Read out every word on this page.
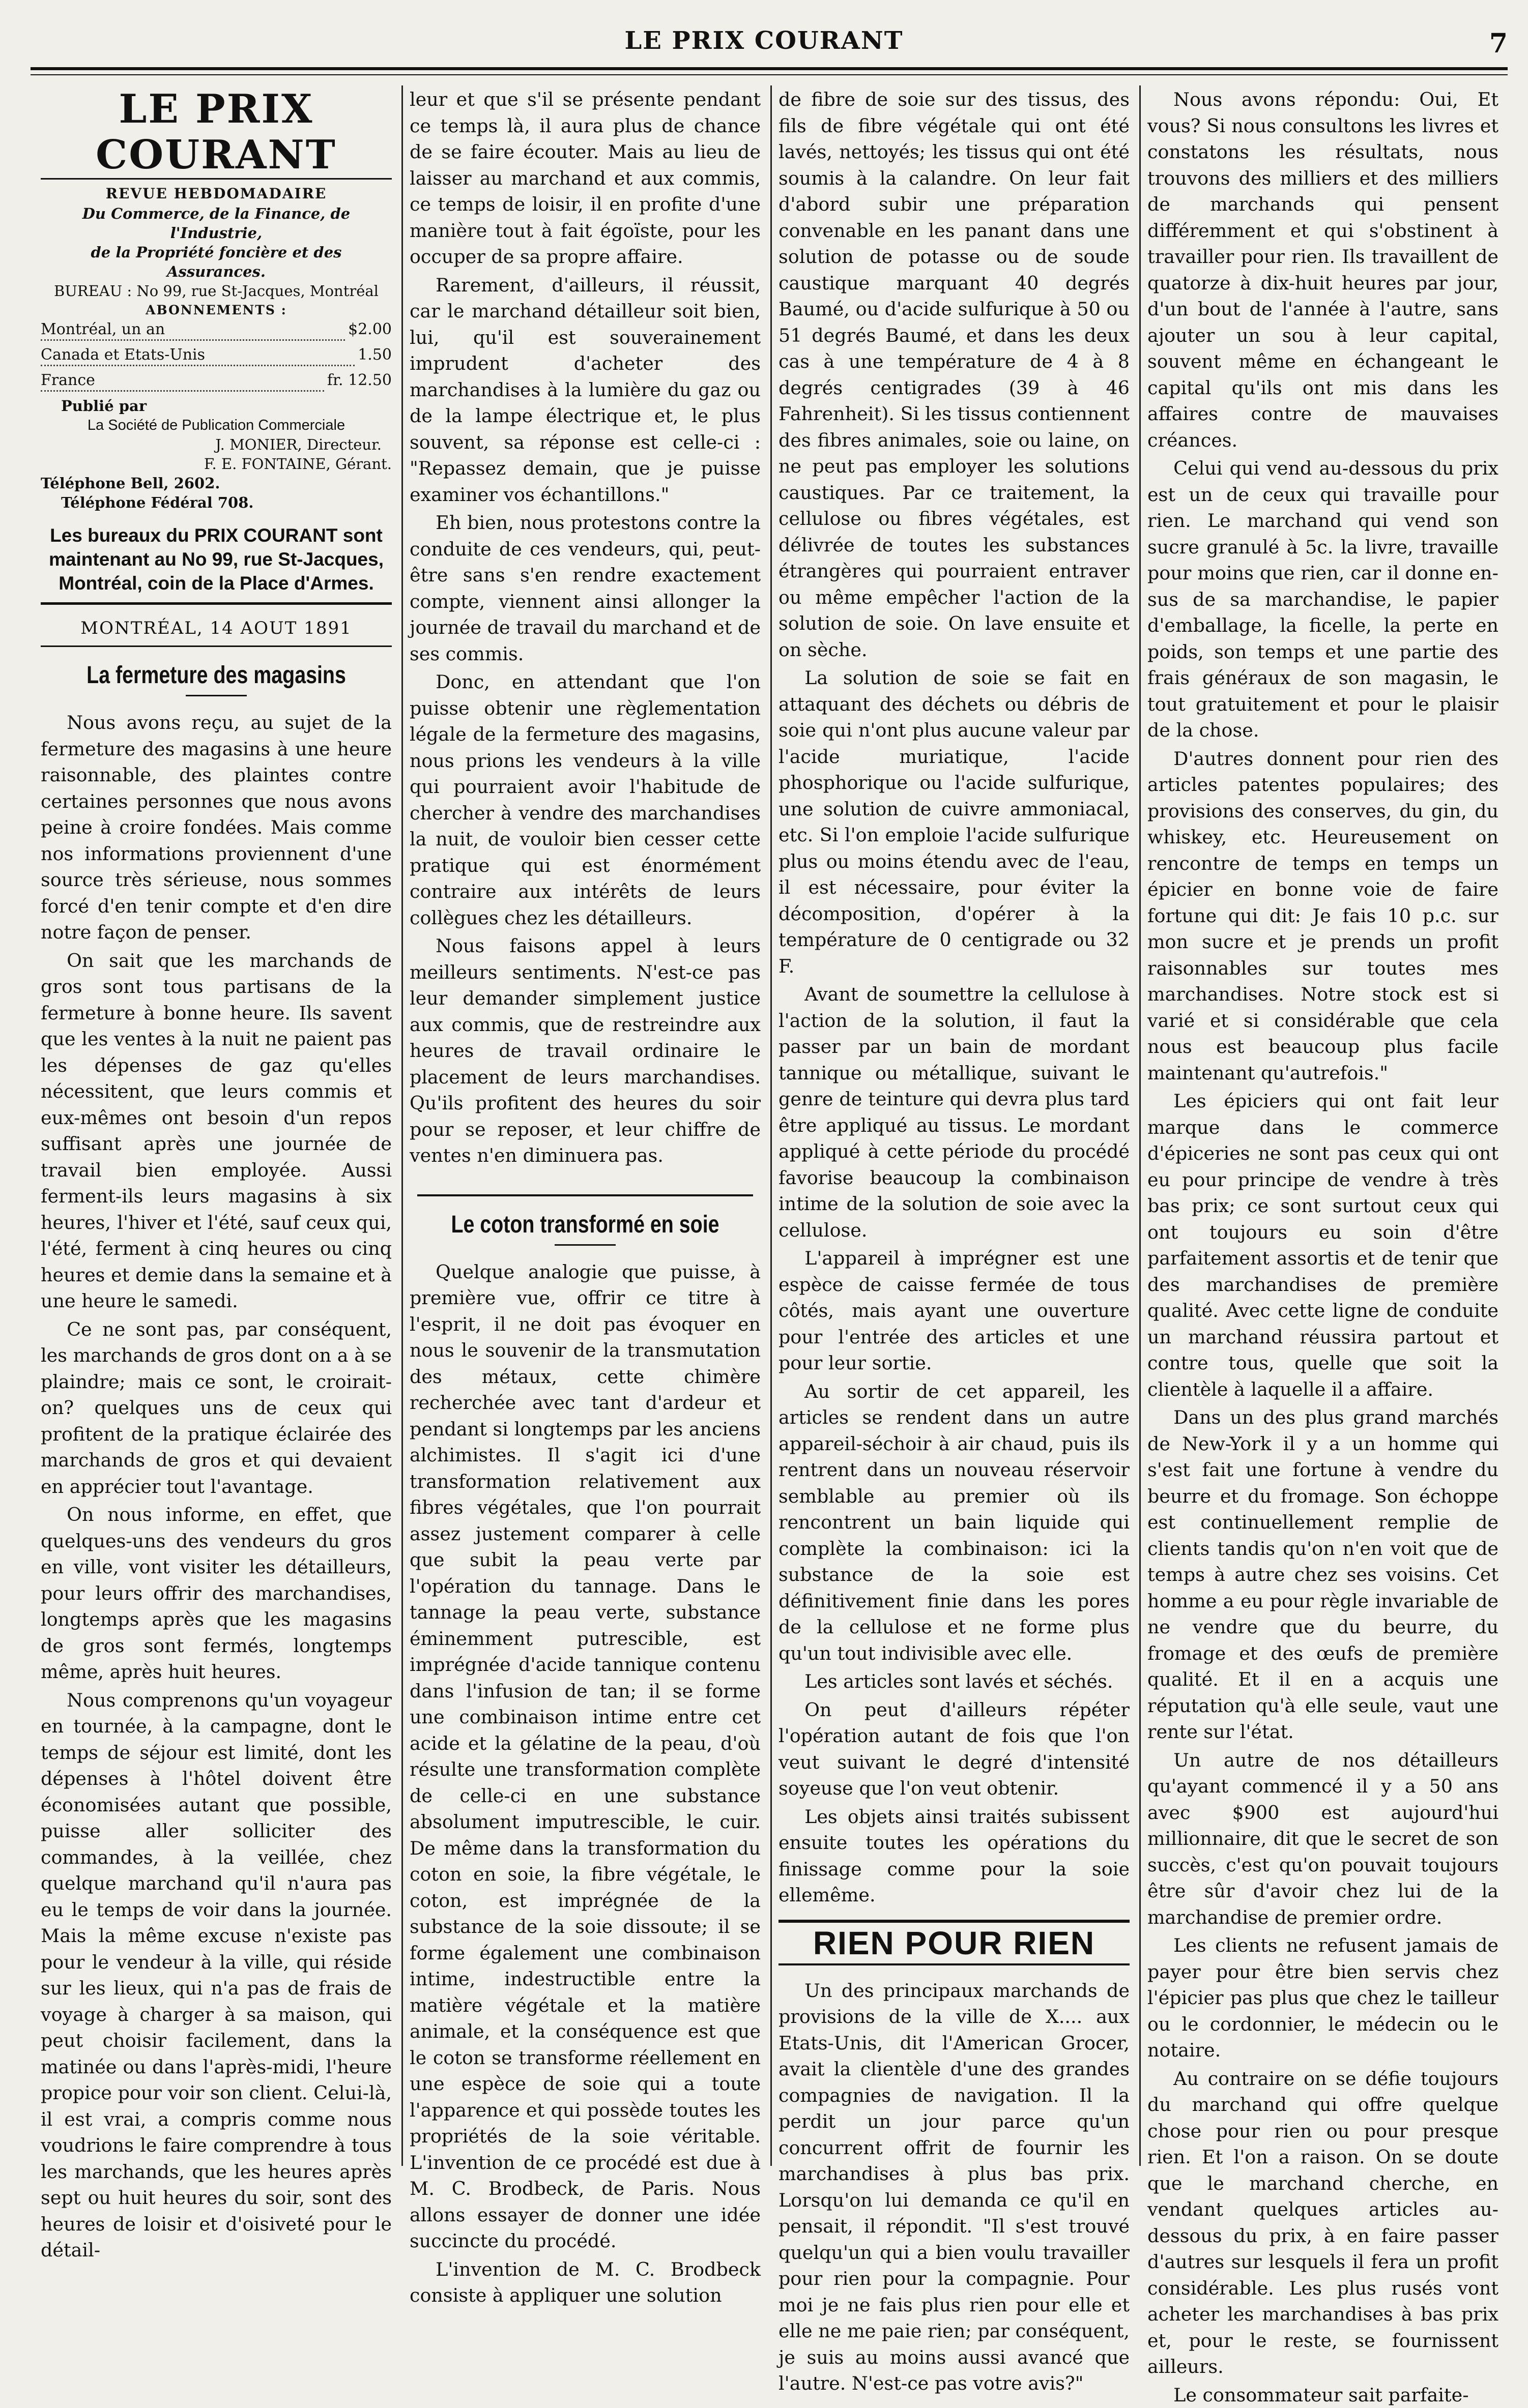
LE PRIX COURANT	7
LE PRIX COURANT
REVUE HEBDOMADAIRE
Du Commerce, de la Finance, de l'Industrie,
de la Propriété foncière et des Assurances.
BUREAU : No 99, rue St-Jacques, Montréal
ABONNEMENTS :
Montréal, un an	$2.00
Canada et Etats-Unis	1.50
France	fr. 12.50
Publié par
La Société de Publication Commerciale
J. MONIER, Directeur.
F. E. FONTAINE, Gérant.
Téléphone Bell, 2602.
Téléphone Fédéral 708.
Les bureaux du PRIX COURANT sont maintenant au No 99, rue St-Jacques, Montréal, coin de la Place d'Armes.
MONTRÉAL, 14 AOUT 1891
La fermeture des magasins

Nous avons reçu, au sujet de la fermeture des magasins à une heure raisonnable, des plaintes contre certaines personnes que nous avons peine à croire fondées. Mais comme nos informations proviennent d'une source très sérieuse, nous sommes forcé d'en tenir compte et d'en dire notre façon de penser.

On sait que les marchands de gros sont tous partisans de la fermeture à bonne heure. Ils savent que les ventes à la nuit ne paient pas les dépenses de gaz qu'elles nécessitent, que leurs commis et eux-mêmes ont besoin d'un repos suffisant après une journée de travail bien employée. Aussi ferment-ils leurs magasins à six heures, l'hiver et l'été, sauf ceux qui, l'été, ferment à cinq heures ou cinq heures et demie dans la semaine et à une heure le samedi.

Ce ne sont pas, par conséquent, les marchands de gros dont on a à se plaindre; mais ce sont, le croirait-on? quelques uns de ceux qui profitent de la pratique éclairée des marchands de gros et qui devaient en apprécier tout l'avantage.

On nous informe, en effet, que quelques-uns des vendeurs du gros en ville, vont visiter les détailleurs, pour leurs offrir des marchandises, longtemps après que les magasins de gros sont fermés, longtemps même, après huit heures.

Nous comprenons qu'un voyageur en tournée, à la campagne, dont le temps de séjour est limité, dont les dépenses à l'hôtel doivent être économisées autant que possible, puisse aller solliciter des commandes, à la veillée, chez quelque marchand qu'il n'aura pas eu le temps de voir dans la journée. Mais la même excuse n'existe pas pour le vendeur à la ville, qui réside sur les lieux, qui n'a pas de frais de voyage à charger à sa maison, qui peut choisir facilement, dans la matinée ou dans l'après-midi, l'heure propice pour voir son client. Celui-là, il est vrai, a compris comme nous voudrions le faire comprendre à tous les marchands, que les heures après sept ou huit heures du soir, sont des heures de loisir et d'oisiveté pour le détail-

leur et que s'il se présente pendant ce temps là, il aura plus de chance de se faire écouter. Mais au lieu de laisser au marchand et aux commis, ce temps de loisir, il en profite d'une manière tout à fait égoïste, pour les occuper de sa propre affaire.

Rarement, d'ailleurs, il réussit, car le marchand détailleur soit bien, lui, qu'il est souverainement imprudent d'acheter des marchandises à la lumière du gaz ou de la lampe électrique et, le plus souvent, sa réponse est celle-ci : "Repassez demain, que je puisse examiner vos échantillons."

Eh bien, nous protestons contre la conduite de ces vendeurs, qui, peut-être sans s'en rendre exactement compte, viennent ainsi allonger la journée de travail du marchand et de ses commis.

Donc, en attendant que l'on puisse obtenir une règlementation légale de la fermeture des magasins, nous prions les vendeurs à la ville qui pourraient avoir l'habitude de chercher à vendre des marchandises la nuit, de vouloir bien cesser cette pratique qui est énormément contraire aux intérêts de leurs collègues chez les détailleurs.

Nous faisons appel à leurs meilleurs sentiments. N'est-ce pas leur demander simplement justice aux commis, que de restreindre aux heures de travail ordinaire le placement de leurs marchandises. Qu'ils profitent des heures du soir pour se reposer, et leur chiffre de ventes n'en diminuera pas.

Le coton transformé en soie

Quelque analogie que puisse, à première vue, offrir ce titre à l'esprit, il ne doit pas évoquer en nous le souvenir de la transmutation des métaux, cette chimère recherchée avec tant d'ardeur et pendant si longtemps par les anciens alchimistes. Il s'agit ici d'une transformation relativement aux fibres végétales, que l'on pourrait assez justement comparer à celle que subit la peau verte par l'opération du tannage. Dans le tannage la peau verte, substance éminemment putrescible, est imprégnée d'acide tannique contenu dans l'infusion de tan; il se forme une combinaison intime entre cet acide et la gélatine de la peau, d'où résulte une transformation complète de celle-ci en une substance absolument imputrescible, le cuir. De même dans la transformation du coton en soie, la fibre végétale, le coton, est imprégnée de la substance de la soie dissoute; il se forme également une combinaison intime, indestructible entre la matière végétale et la matière animale, et la conséquence est que le coton se transforme réellement en une espèce de soie qui a toute l'apparence et qui possède toutes les propriétés de la soie véritable. L'invention de ce procédé est due à M. C. Brodbeck, de Paris. Nous allons essayer de donner une idée succincte du procédé.

L'invention de M. C. Brodbeck consiste à appliquer une solution

de fibre de soie sur des tissus, des fils de fibre végétale qui ont été lavés, nettoyés; les tissus qui ont été soumis à la calandre. On leur fait d'abord subir une préparation convenable en les panant dans une solution de potasse ou de soude caustique marquant 40 degrés Baumé, ou d'acide sulfurique à 50 ou 51 degrés Baumé, et dans les deux cas à une température de 4 à 8 degrés centigrades (39 à 46 Fahrenheit). Si les tissus contiennent des fibres animales, soie ou laine, on ne peut pas employer les solutions caustiques. Par ce traitement, la cellulose ou fibres végétales, est délivrée de toutes les substances étrangères qui pourraient entraver ou même empêcher l'action de la solution de soie. On lave ensuite et on sèche.

La solution de soie se fait en attaquant des déchets ou débris de soie qui n'ont plus aucune valeur par l'acide muriatique, l'acide phosphorique ou l'acide sulfurique, une solution de cuivre ammoniacal, etc. Si l'on emploie l'acide sulfurique plus ou moins étendu avec de l'eau, il est nécessaire, pour éviter la décomposition, d'opérer à la température de 0 centigrade ou 32 F.

Avant de soumettre la cellulose à l'action de la solution, il faut la passer par un bain de mordant tannique ou métallique, suivant le genre de teinture qui devra plus tard être appliqué au tissus. Le mordant appliqué à cette période du procédé favorise beaucoup la combinaison intime de la solution de soie avec la cellulose.

L'appareil à imprégner est une espèce de caisse fermée de tous côtés, mais ayant une ouverture pour l'entrée des articles et une pour leur sortie.

Au sortir de cet appareil, les articles se rendent dans un autre appareil-séchoir à air chaud, puis ils rentrent dans un nouveau réservoir semblable au premier où ils rencontrent un bain liquide qui complète la combinaison: ici la substance de la soie est définitivement finie dans les pores de la cellulose et ne forme plus qu'un tout indivisible avec elle.

Les articles sont lavés et séchés.

On peut d'ailleurs répéter l'opération autant de fois que l'on veut suivant le degré d'intensité soyeuse que l'on veut obtenir.

Les objets ainsi traités subissent ensuite toutes les opérations du finissage comme pour la soie ellemême.

RIEN POUR RIEN

Un des principaux marchands de provisions de la ville de X.... aux Etats-Unis, dit l'American Grocer, avait la clientèle d'une des grandes compagnies de navigation. Il la perdit un jour parce qu'un concurrent offrit de fournir les marchandises à plus bas prix. Lorsqu'on lui demanda ce qu'il en pensait, il répondit. "Il s'est trouvé quelqu'un qui a bien voulu travailler pour rien pour la compagnie. Pour moi je ne fais plus rien pour elle et elle ne me paie rien; par conséquent, je suis au moins aussi avancé que l'autre. N'est-ce pas votre avis?"

Nous avons répondu: Oui, Et vous? Si nous consultons les livres et constatons les résultats, nous trouvons des milliers et des milliers de marchands qui pensent différemment et qui s'obstinent à travailler pour rien. Ils travaillent de quatorze à dix-huit heures par jour, d'un bout de l'année à l'autre, sans ajouter un sou à leur capital, souvent même en échangeant le capital qu'ils ont mis dans les affaires contre de mauvaises créances.

Celui qui vend au-dessous du prix est un de ceux qui travaille pour rien. Le marchand qui vend son sucre granulé à 5c. la livre, travaille pour moins que rien, car il donne en-sus de sa marchandise, le papier d'emballage, la ficelle, la perte en poids, son temps et une partie des frais généraux de son magasin, le tout gratuitement et pour le plaisir de la chose.

D'autres donnent pour rien des articles patentes populaires; des provisions des conserves, du gin, du whiskey, etc. Heureusement on rencontre de temps en temps un épicier en bonne voie de faire fortune qui dit: Je fais 10 p.c. sur mon sucre et je prends un profit raisonnables sur toutes mes marchandises. Notre stock est si varié et si considérable que cela nous est beaucoup plus facile maintenant qu'autrefois."

Les épiciers qui ont fait leur marque dans le commerce d'épiceries ne sont pas ceux qui ont eu pour principe de vendre à très bas prix; ce sont surtout ceux qui ont toujours eu soin d'être parfaitement assortis et de tenir que des marchandises de première qualité. Avec cette ligne de conduite un marchand réussira partout et contre tous, quelle que soit la clientèle à laquelle il a affaire.

Dans un des plus grand marchés de New-York il y a un homme qui s'est fait une fortune à vendre du beurre et du fromage. Son échoppe est continuellement remplie de clients tandis qu'on n'en voit que de temps à autre chez ses voisins. Cet homme a eu pour règle invariable de ne vendre que du beurre, du fromage et des œufs de première qualité. Et il en a acquis une réputation qu'à elle seule, vaut une rente sur l'état.

Un autre de nos détailleurs qu'ayant commencé il y a 50 ans avec $900 est aujourd'hui millionnaire, dit que le secret de son succès, c'est qu'on pouvait toujours être sûr d'avoir chez lui de la marchandise de premier ordre.

Les clients ne refusent jamais de payer pour être bien servis chez l'épicier pas plus que chez le tailleur ou le cordonnier, le médecin ou le notaire.

Au contraire on se défie toujours du marchand qui offre quelque chose pour rien ou pour presque rien. Et l'on a raison. On se doute que le marchand cherche, en vendant quelques articles au-dessous du prix, à en faire passer d'autres sur lesquels il fera un profit considérable. Les plus rusés vont acheter les marchandises à bas prix et, pour le reste, se fournissent ailleurs.

Le consommateur sait parfaite-
